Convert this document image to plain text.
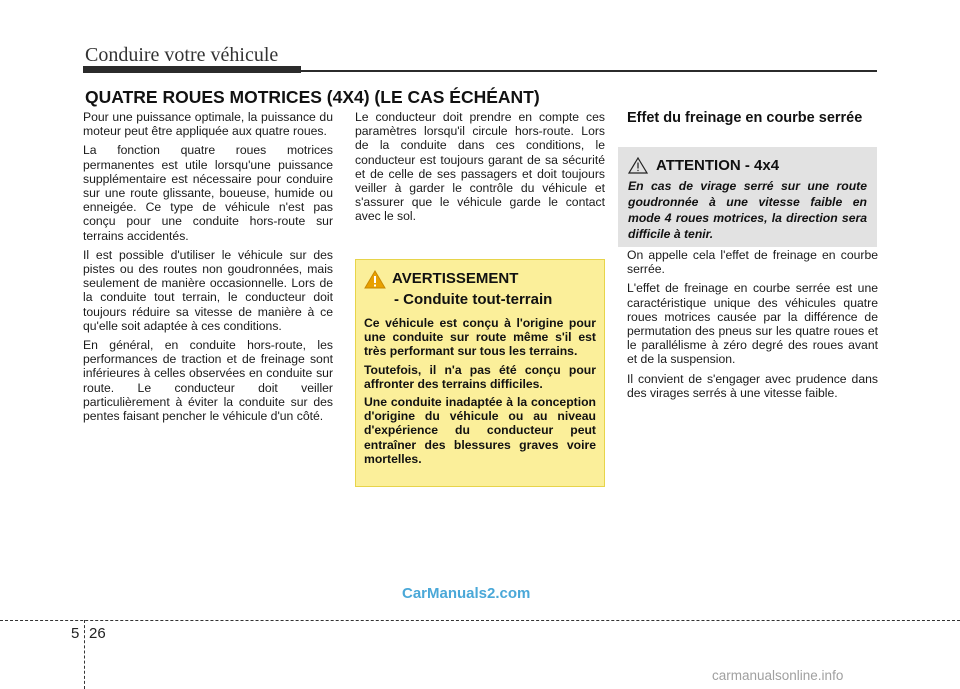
Conduire votre véhicule
QUATRE ROUES MOTRICES (4X4) (LE CAS ÉCHÉANT)

Pour une puissance optimale, la puissance du moteur peut être appliquée aux quatre roues.

La fonction quatre roues motrices permanentes est utile lorsqu'une puissance supplémentaire est nécessaire pour conduire sur une route glissante, boueuse, humide ou enneigée. Ce type de véhicule n'est pas conçu pour une conduite hors-route sur terrains accidentés.

Il est possible d'utiliser le véhicule sur des pistes ou des routes non goudronnées, mais seulement de manière occasionnelle. Lors de la conduite tout terrain, le conducteur doit toujours réduire sa vitesse de manière à ce qu'elle soit adaptée à ces conditions.

En général, en conduite hors-route, les performances de traction et de freinage sont inférieures à celles observées en conduite sur route. Le conducteur doit veiller particulièrement à éviter la conduite sur des pentes faisant pencher le véhicule d'un côté.

Le conducteur doit prendre en compte ces paramètres lorsqu'il circule hors-route. Lors de la conduite dans ces conditions, le conducteur est toujours garant de sa sécurité et de celle de ses passagers et doit toujours veiller à garder le contrôle du véhicule et s'assurer que le véhicule garde le contact avec le sol.

AVERTISSEMENT
- Conduite tout-terrain

Ce véhicule est conçu à l'origine pour une conduite sur route même s'il est très performant sur tous les terrains.

Toutefois, il n'a pas été conçu pour affronter des terrains difficiles.

Une conduite inadaptée à la conception d'origine du véhicule ou au niveau d'expérience du conducteur peut entraîner des blessures graves voire mortelles.

Effet du freinage en courbe serrée

On appelle cela l'effet de freinage en courbe serrée.

L'effet de freinage en courbe serrée est une caractéristique unique des véhicules quatre roues motrices causée par la différence de permutation des pneus sur les quatre roues et le parallélisme à zéro degré des roues avant et de la suspension.

Il convient de s'engager avec prudence dans des virages serrés à une vitesse faible.

ATTENTION - 4x4

En cas de virage serré sur une route goudronnée à une vitesse faible en mode 4 roues motrices, la direction sera difficile à tenir.

CarManuals2.com
5 26
carmanualsonline.info
